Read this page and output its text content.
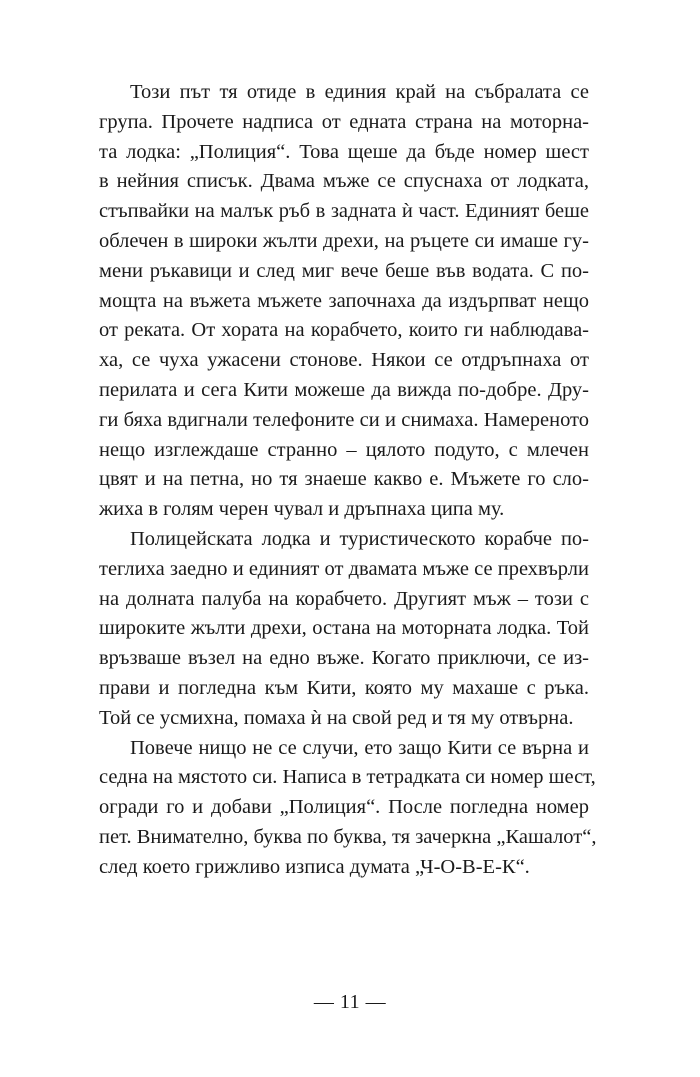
Този път тя отиде в единия край на събралата се
група. Прочете надписа от едната страна на моторна-
та лодка: „Полиция“. Това щеше да бъде номер шест
в нейния списък. Двама мъже се спуснаха от лодката,
стъпвайки на малък ръб в задната ѝ част. Единият беше
облечен в широки жълти дрехи, на ръцете си имаше гу-
мени ръкавици и след миг вече беше във водата. С по-
мощта на въжета мъжете започнаха да издърпват нещо
от реката. От хората на корабчето, които ги наблюдава-
ха, се чуха ужасени стонове. Някои се отдръпнаха от
перилата и сега Кити можеше да вижда по-добре. Дру-
ги бяха вдигнали телефоните си и снимаха. Намереното
нещо изглеждаше странно – цялото подуто, с млечен
цвят и на петна, но тя знаеше какво е. Мъжете го сло-
жиха в голям черен чувал и дръпнаха ципа му.
Полицейската лодка и туристическото корабче по-
теглиха заедно и единият от двамата мъже се прехвърли
на долната палуба на корабчето. Другият мъж – този с
широките жълти дрехи, остана на моторната лодка. Той
връзваше възел на едно въже. Когато приключи, се из-
прави и погледна към Кити, която му махаше с ръка.
Той се усмихна, помаха ѝ на свой ред и тя му отвърна.
Повече нищо не се случи, ето защо Кити се върна и
седна на мястото си. Написа в тетрадката си номер шест,
огради го и добави „Полиция“. После погледна номер
пет. Внимателно, буква по буква, тя зачеркна „Кашалот“,
след което грижливо изписа думата „Ч-О-В-Е-К“.
— 11 —
